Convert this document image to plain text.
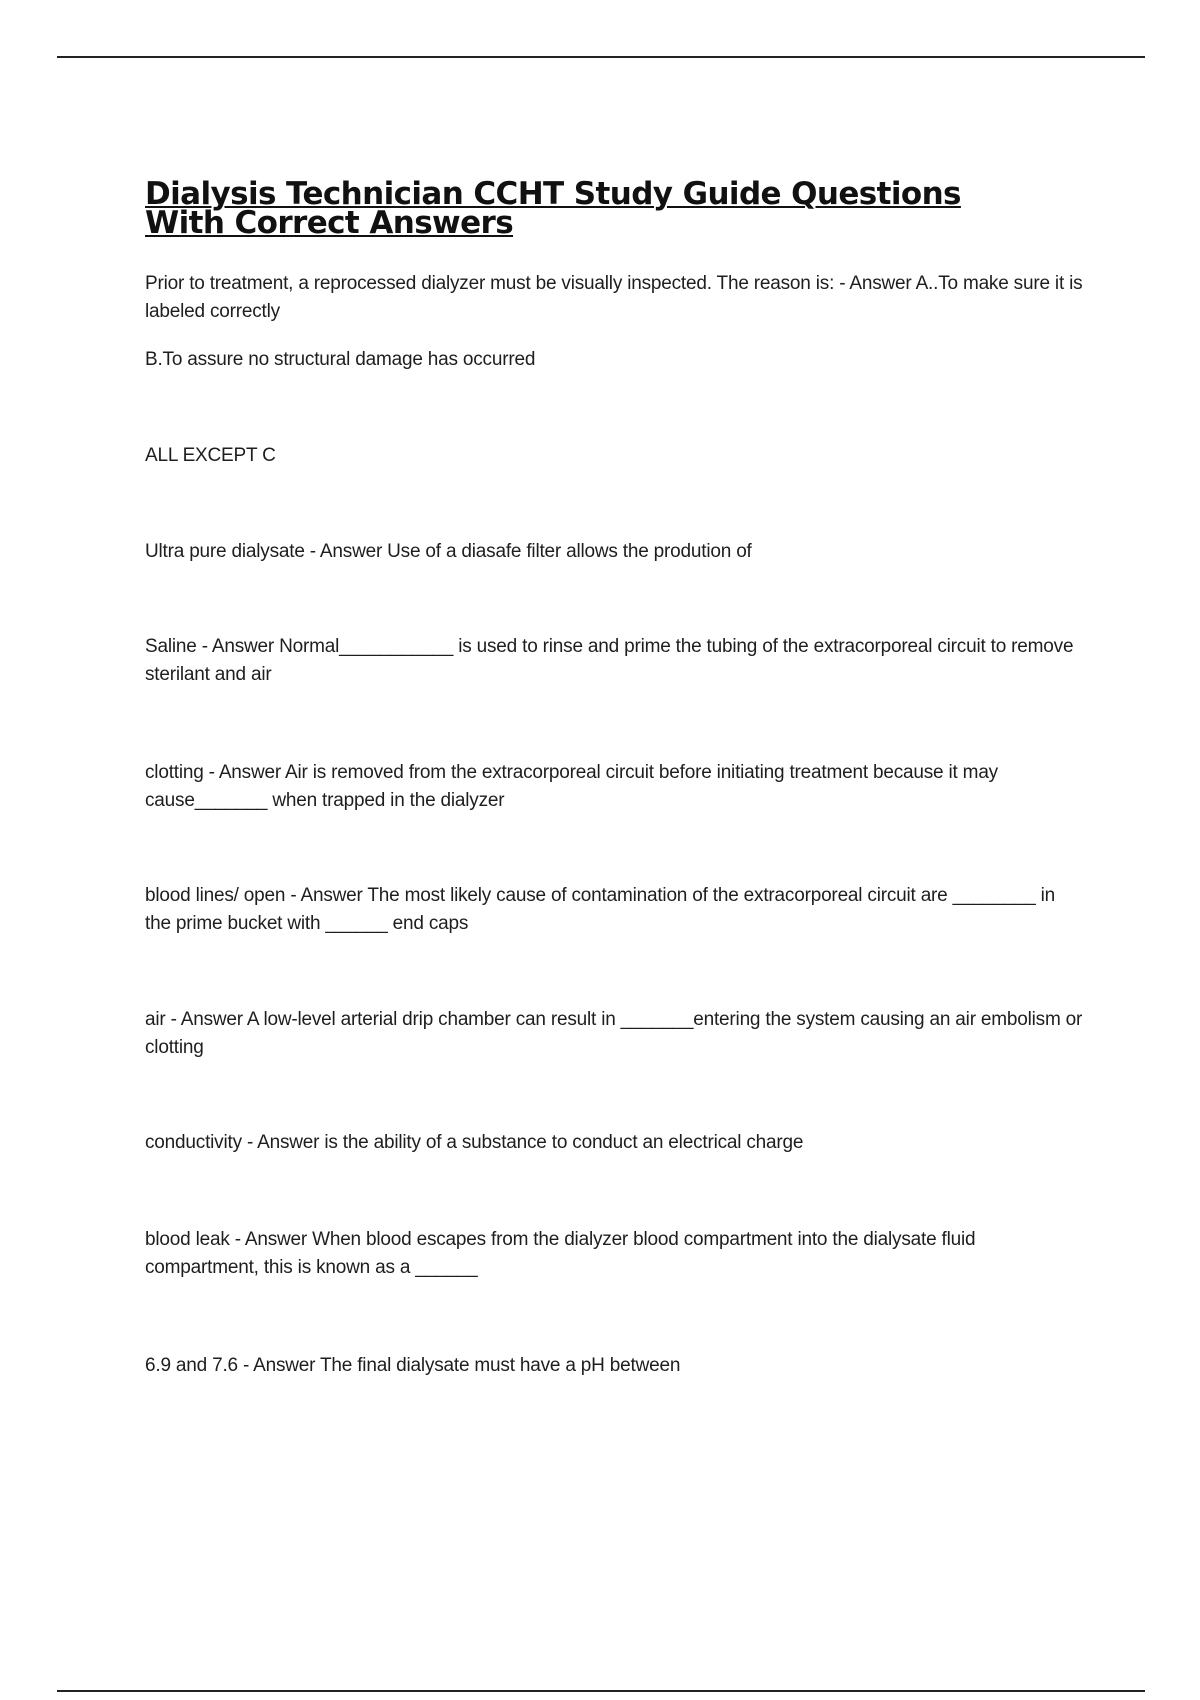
Dialysis Technician CCHT Study Guide Questions With Correct Answers

Prior to treatment, a reprocessed dialyzer must be visually inspected. The reason is: - Answer A..To make sure it is labeled correctly

B.To assure no structural damage has occurred

ALL EXCEPT C

Ultra pure dialysate - Answer Use of a diasafe filter allows the prodution of

Saline - Answer Normal___________ is used to rinse and prime the tubing of the extracorporeal circuit to remove sterilant and air

clotting - Answer Air is removed from the extracorporeal circuit before initiating treatment because it may cause_______ when trapped in the dialyzer

blood lines/ open - Answer The most likely cause of contamination of the extracorporeal circuit are ________ in the prime bucket with ______ end caps

air - Answer A low-level arterial drip chamber can result in _______entering the system causing an air embolism or clotting

conductivity - Answer is the ability of a substance to conduct an electrical charge

blood leak - Answer When blood escapes from the dialyzer blood compartment into the dialysate fluid compartment, this is known as a ______

6.9 and 7.6 - Answer The final dialysate must have a pH between
